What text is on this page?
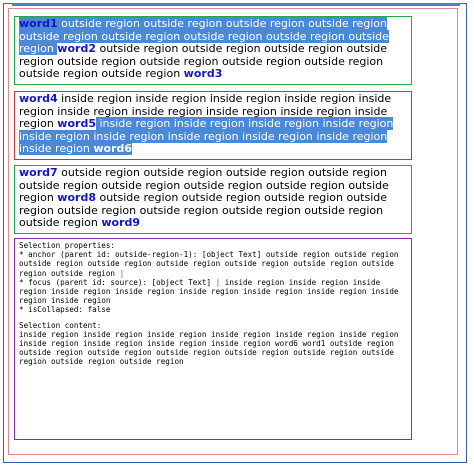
word1 outside region outside region outside region outside region outside region outside region outside region outside region outside region word2 outside region outside region outside region outside region outside region outside region outside region outside region outside region outside region word3
word4 inside region inside region inside region inside region inside region inside region inside region inside region inside region inside region word5 inside region inside region inside region inside region inside region inside region inside region inside region inside region inside region word6
word7 outside region outside region outside region outside region outside region outside region outside region outside region outside region word8 outside region outside region outside region outside region outside region outside region outside region outside region outside region word9
Selection properties:
* anchor (parent id: outside-region-1): [object Text] outside region outside region outside region outside region outside region outside region outside region outside region outside region |
* focus (parent id: source): [object Text] | inside region inside region inside region inside region inside region inside region inside region inside region inside region inside region
* isCollapsed: false
Selection content:
inside region inside region inside region inside region inside region inside region inside region inside region inside region inside region word6 word1 outside region outside region outside region outside region outside region outside region outside region outside region outside region
